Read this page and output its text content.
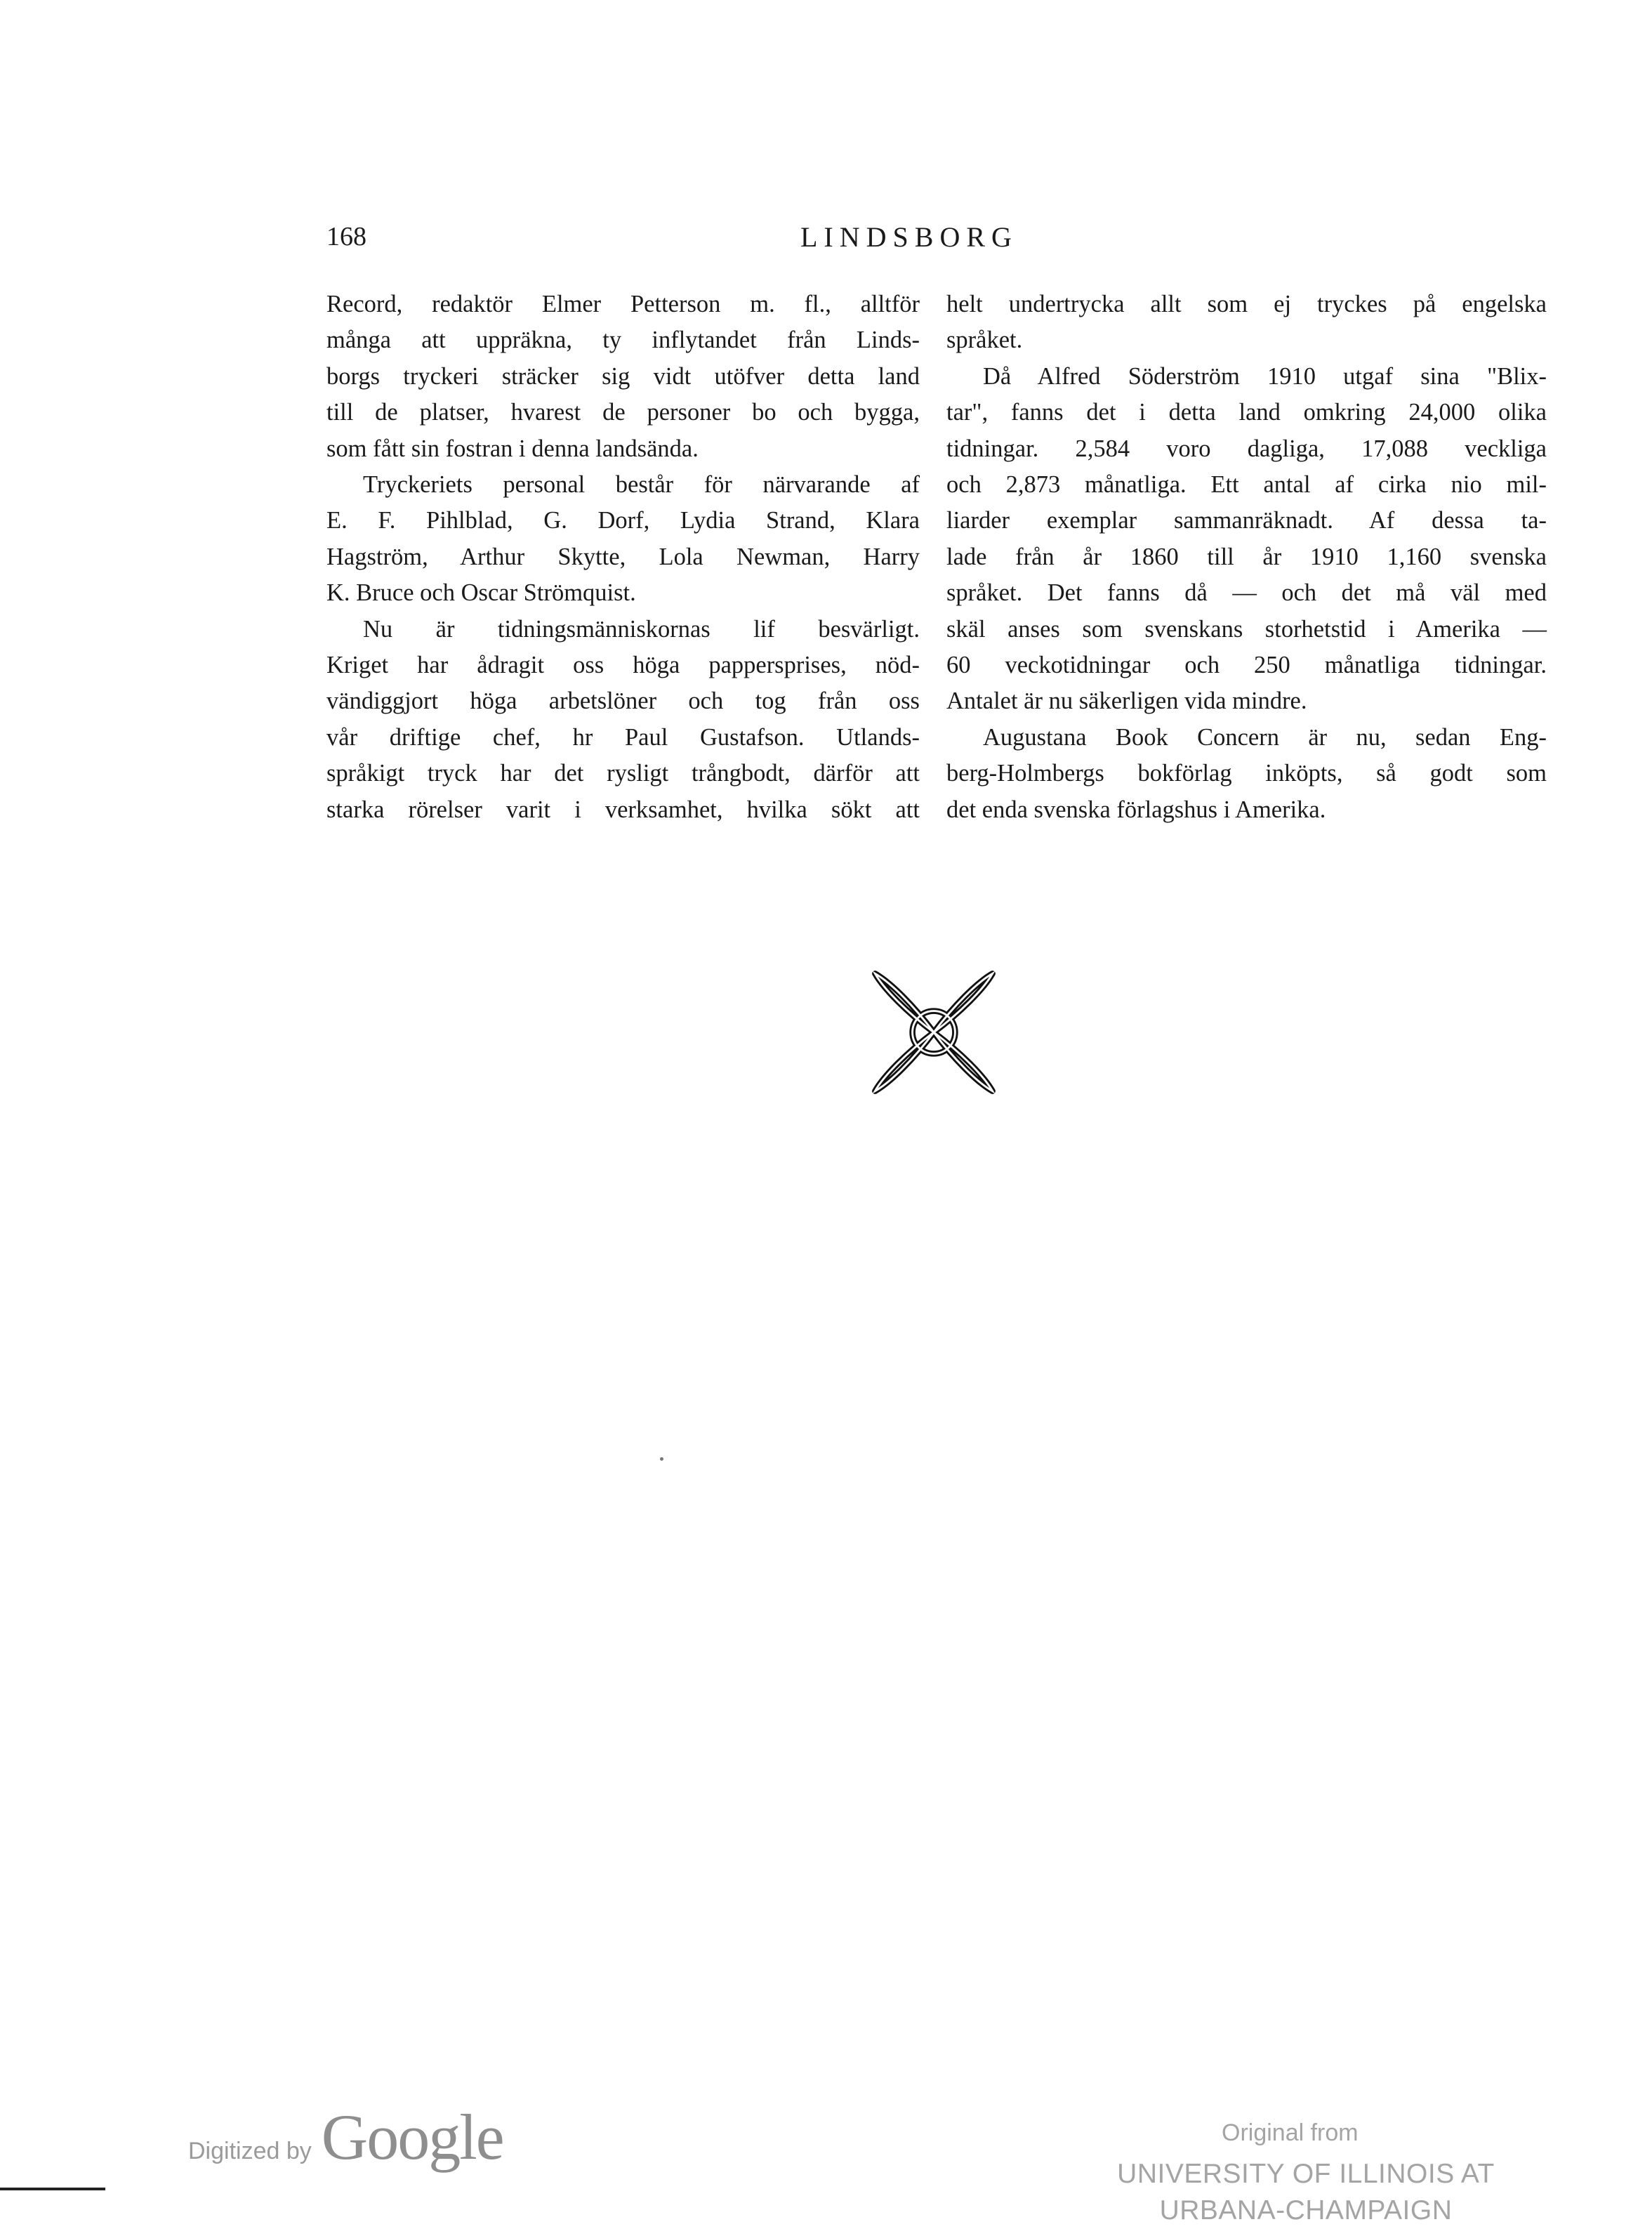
168	LINDSBORG
Record, redaktör Elmer Petterson m. fl., alltför
många att uppräkna, ty inflytandet från Linds-
borgs tryckeri sträcker sig vidt utöfver detta land
till de platser, hvarest de personer bo och bygga,
som fått sin fostran i denna landsända.
Tryckeriets personal består för närvarande af
E. F. Pihlblad, G. Dorf, Lydia Strand, Klara
Hagström, Arthur Skytte, Lola Newman, Harry
K. Bruce och Oscar Strömquist.
Nu är tidningsmänniskornas lif besvärligt.
Kriget har ådragit oss höga pappersprises, nöd-
vändiggjort höga arbetslöner och tog från oss
vår driftige chef, hr Paul Gustafson. Utlands-
språkigt tryck har det rysligt trångbodt, därför att
starka rörelser varit i verksamhet, hvilka sökt att
helt undertrycka allt som ej tryckes på engelska
språket.
Då Alfred Söderström 1910 utgaf sina "Blix-
tar", fanns det i detta land omkring 24,000 olika
tidningar. 2,584 voro dagliga, 17,088 veckliga
och 2,873 månatliga. Ett antal af cirka nio mil-
liarder exemplar sammanräknadt. Af dessa ta-
lade från år 1860 till år 1910 1,160 svenska
språket. Det fanns då — och det må väl med
skäl anses som svenskans storhetstid i Amerika —
60 veckotidningar och 250 månatliga tidningar.
Antalet är nu säkerligen vida mindre.
Augustana Book Concern är nu, sedan Eng-
berg-Holmbergs bokförlag inköpts, så godt som
det enda svenska förlagshus i Amerika.
Digitized by Google	Original from
UNIVERSITY OF ILLINOIS AT
URBANA-CHAMPAIGN
